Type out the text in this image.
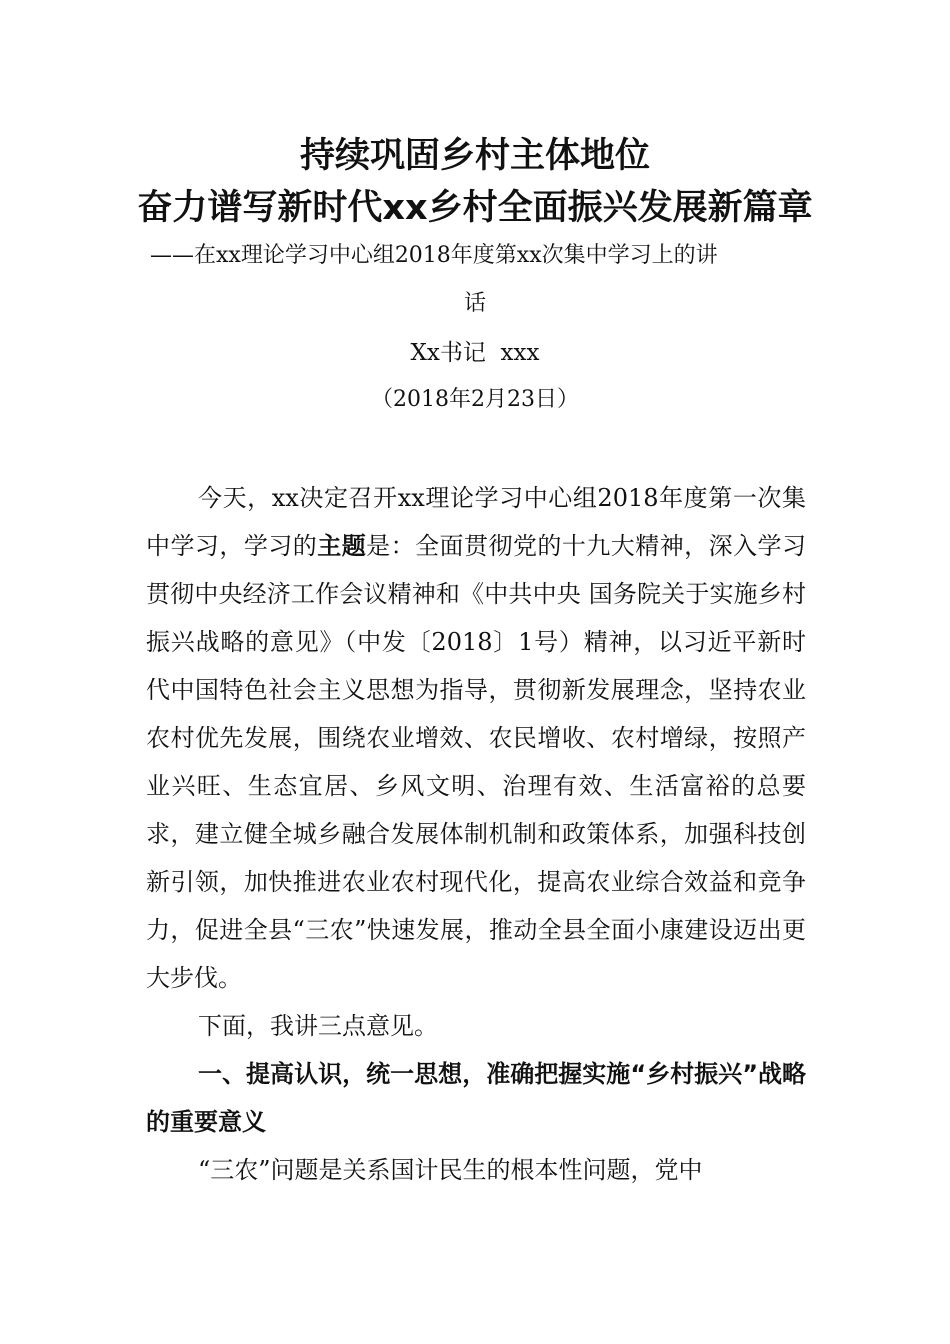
持续巩固乡村主体地位
奋力谱写新时代xx乡村全面振兴发展新篇章
——在xx理论学习中心组2018年度第xx次集中学习上的讲
话
Xx书记  xxx
（2018年2月23日）

今天，xx决定召开xx理论学习中心组2018年度第一次集中学习，学习的主题是：全面贯彻党的十九大精神，深入学习贯彻中央经济工作会议精神和《中共中央 国务院关于实施乡村振兴战略的意见》（中发〔2018〕1号）精神，以习近平新时代中国特色社会主义思想为指导，贯彻新发展理念，坚持农业农村优先发展，围绕农业增效、农民增收、农村增绿，按照产业兴旺、生态宜居、乡风文明、治理有效、生活富裕的总要求，建立健全城乡融合发展体制机制和政策体系，加强科技创新引领，加快推进农业农村现代化，提高农业综合效益和竞争力，促进全县“三农”快速发展，推动全县全面小康建设迈出更大步伐。

下面，我讲三点意见。

一、提高认识，统一思想，准确把握实施“乡村振兴”战略的重要意义

“三农”问题是关系国计民生的根本性问题，党中
